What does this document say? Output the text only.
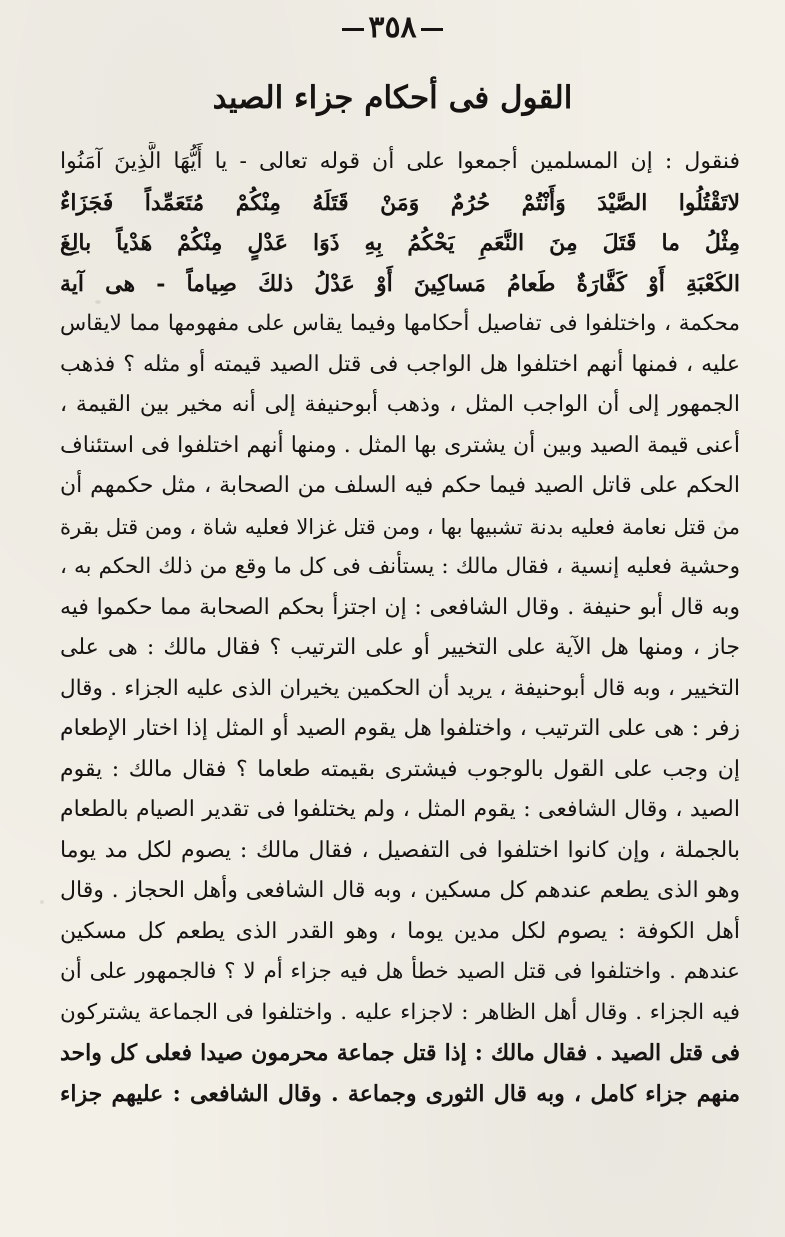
٣٥٨
القول فى أحكام جزاء الصيد
فنقول : إن المسلمين أجمعوا على أن قوله تعالى - يا أَيُّهَا الَّذِينَ آمَنُوا
لاتَقْتُلُوا الصَّيْدَ وَأَنْتُمْ حُرُمٌ وَمَنْ قَتَلَهُ مِنْكُمْ مُتَعَمِّداً فَجَزَاءٌ
مِثْلُ ما قَتَلَ مِنَ النَّعَمِ يَحْكُمُ بِهِ ذَوَا عَدْلٍ مِنْكُمْ هَدْياً بالِغَ
الكَعْبَةِ أَوْ كَفَّارَةٌ طَعامُ مَساكِينَ أَوْ عَدْلُ ذلكَ صِياماً - هى آية
محكمة ، واختلفوا فى تفاصيل أحكامها وفيما يقاس على مفهومها مما لايقاس
عليه ، فمنها أنهم اختلفوا هل الواجب فى قتل الصيد قيمته أو مثله ؟ فذهب
الجمهور إلى أن الواجب المثل ، وذهب أبوحنيفة إلى أنه مخير بين القيمة ،
أعنى قيمة الصيد وبين أن يشترى بها المثل . ومنها أنهم اختلفوا فى استئناف
الحكم على قاتل الصيد فيما حكم فيه السلف من الصحابة ، مثل حكمهم أن
من قتل نعامة فعليه بدنة تشبيها بها ، ومن قتل غزالا فعليه شاة ، ومن قتل بقرة
وحشية فعليه إنسية ، فقال مالك : يستأنف فى كل ما وقع من ذلك الحكم به ،
وبه قال أبو حنيفة . وقال الشافعى : إن اجتزأ بحكم الصحابة مما حكموا فيه
جاز ، ومنها هل الآية على التخيير أو على الترتيب ؟ فقال مالك : هى على
التخيير ، وبه قال أبوحنيفة ، يريد أن الحكمين يخيران الذى عليه الجزاء . وقال
زفر : هى على الترتيب ، واختلفوا هل يقوم الصيد أو المثل إذا اختار الإطعام
إن وجب على القول بالوجوب فيشترى بقيمته طعاما ؟ فقال مالك : يقوم
الصيد ، وقال الشافعى : يقوم المثل ، ولم يختلفوا فى تقدير الصيام بالطعام
بالجملة ، وإن كانوا اختلفوا فى التفصيل ، فقال مالك : يصوم لكل مد يوما
وهو الذى يطعم عندهم كل مسكين ، وبه قال الشافعى وأهل الحجاز . وقال
أهل الكوفة : يصوم لكل مدين يوما ، وهو القدر الذى يطعم كل مسكين
عندهم . واختلفوا فى قتل الصيد خطأ هل فيه جزاء أم لا ؟ فالجمهور على أن
فيه الجزاء . وقال أهل الظاهر : لاجزاء عليه . واختلفوا فى الجماعة يشتركون
فى قتل الصيد . فقال مالك : إذا قتل جماعة محرمون صيدا فعلى كل واحد
منهم جزاء كامل ، وبه قال الثورى وجماعة . وقال الشافعى : عليهم جزاء
